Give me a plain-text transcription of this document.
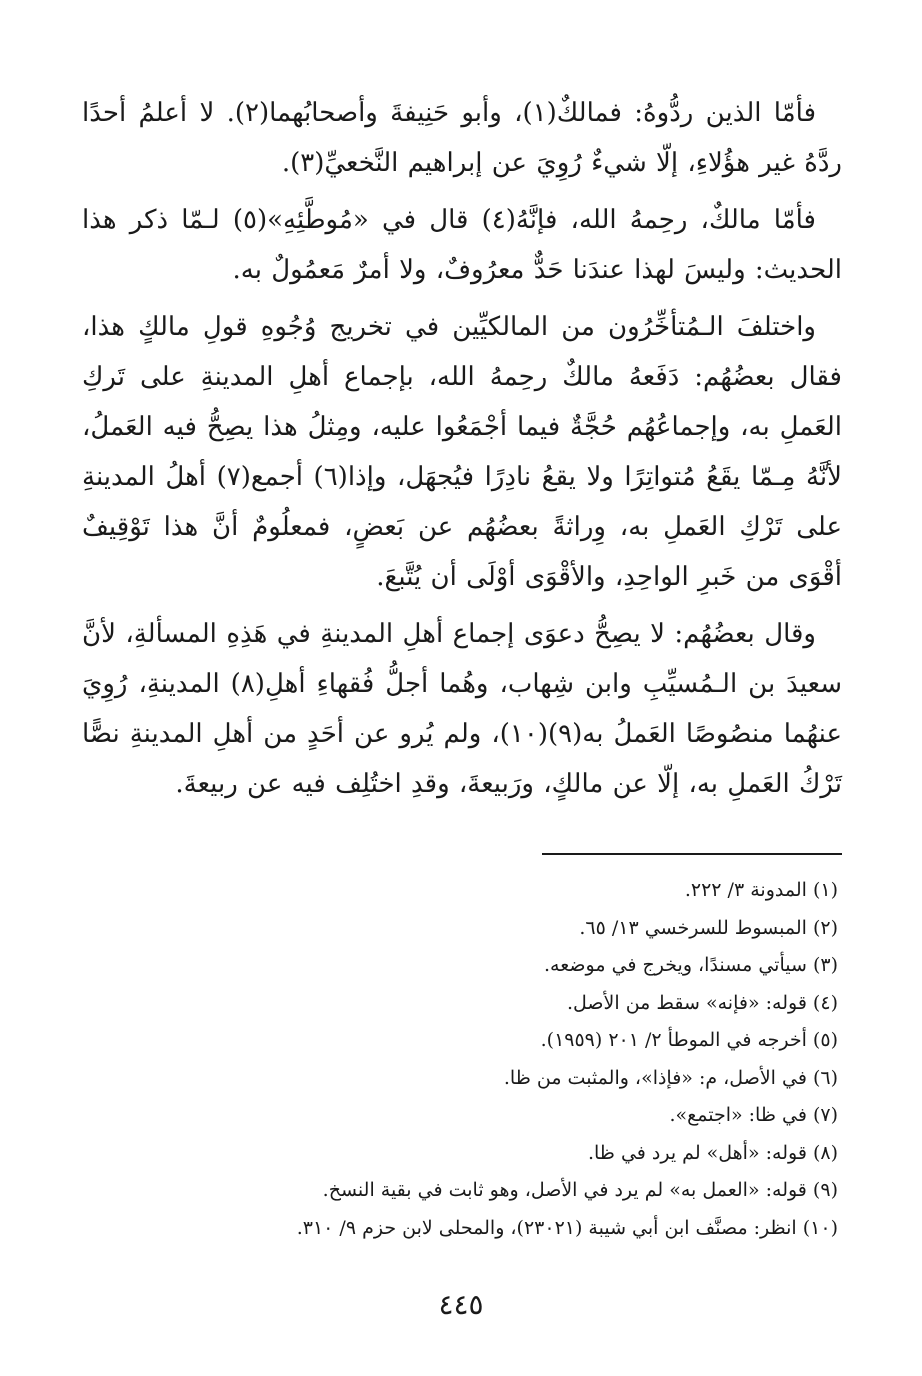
فأمّا الذين ردُّوهُ: فمالكٌ(١)، وأبو حَنِيفةَ وأصحابُهما(٢). لا أعلمُ أحدًا ردَّهُ غير هؤُلاءِ، إلّا شيءٌ رُوِيَ عن إبراهيم النَّخعيِّ(٣).

فأمّا مالكٌ، رحِمهُ الله، فإنَّهُ(٤) قال في «مُوطَّئِهِ»(٥) لـمّا ذكر هذا الحديث: وليسَ لهذا عندَنا حَدٌّ معرُوفٌ، ولا أمرٌ مَعمُولٌ به.

واختلفَ الـمُتأخِّرُون من المالكيِّين في تخريج وُجُوهِ قولِ مالكٍ هذا، فقال بعضُهُم: دَفَعهُ مالكٌ رحِمهُ الله، بإجماع أهلِ المدينةِ على تَركِ العَملِ به، وإجماعُهُم حُجَّةٌ فيما أجْمَعُوا عليه، ومِثلُ هذا يصِحُّ فيه العَملُ، لأنَّهُ مِـمّا يقَعُ مُتواتِرًا ولا يقعُ نادِرًا فيُجهَل، وإذا(٦) أجمع(٧) أهلُ المدينةِ على تَرْكِ العَملِ به، وِراثةً بعضُهُم عن بَعضٍ، فمعلُومٌ أنَّ هذا تَوْقِيفٌ أقْوَى من خَبرِ الواحِدِ، والأقْوَى أوْلَى أن يُتَّبعَ.

وقال بعضُهُم: لا يصِحُّ دعوَى إجماع أهلِ المدينةِ في هَذِهِ المسألةِ، لأنَّ سعيدَ بن الـمُسيِّبِ وابن شِهاب، وهُما أجلُّ فُقهاءِ أهلِ(٨) المدينةِ، رُوِيَ عنهُما منصُوصًا العَملُ به(٩)(١٠)، ولم يُرو عن أحَدٍ من أهلِ المدينةِ نصًّا تَرْكُ العَملِ به، إلّا عن مالكٍ، ورَبيعةَ، وقدِ اختُلِف فيه عن ربيعةَ.

(١) المدونة ٣/ ٢٢٢.
(٢) المبسوط للسرخسي ١٣/ ٦٥.
(٣) سيأتي مسندًا، ويخرج في موضعه.
(٤) قوله: «فإنه» سقط من الأصل.
(٥) أخرجه في الموطأ ٢/ ٢٠١ (١٩٥٩).
(٦) في الأصل، م: «فإذا»، والمثبت من ظا.
(٧) في ظا: «اجتمع».
(٨) قوله: «أهل» لم يرد في ظا.
(٩) قوله: «العمل به» لم يرد في الأصل، وهو ثابت في بقية النسخ.
(١٠) انظر: مصنَّف ابن أبي شيبة (٢٣٠٢١)، والمحلى لابن حزم ٩/ ٣١٠.
٤٤٥
